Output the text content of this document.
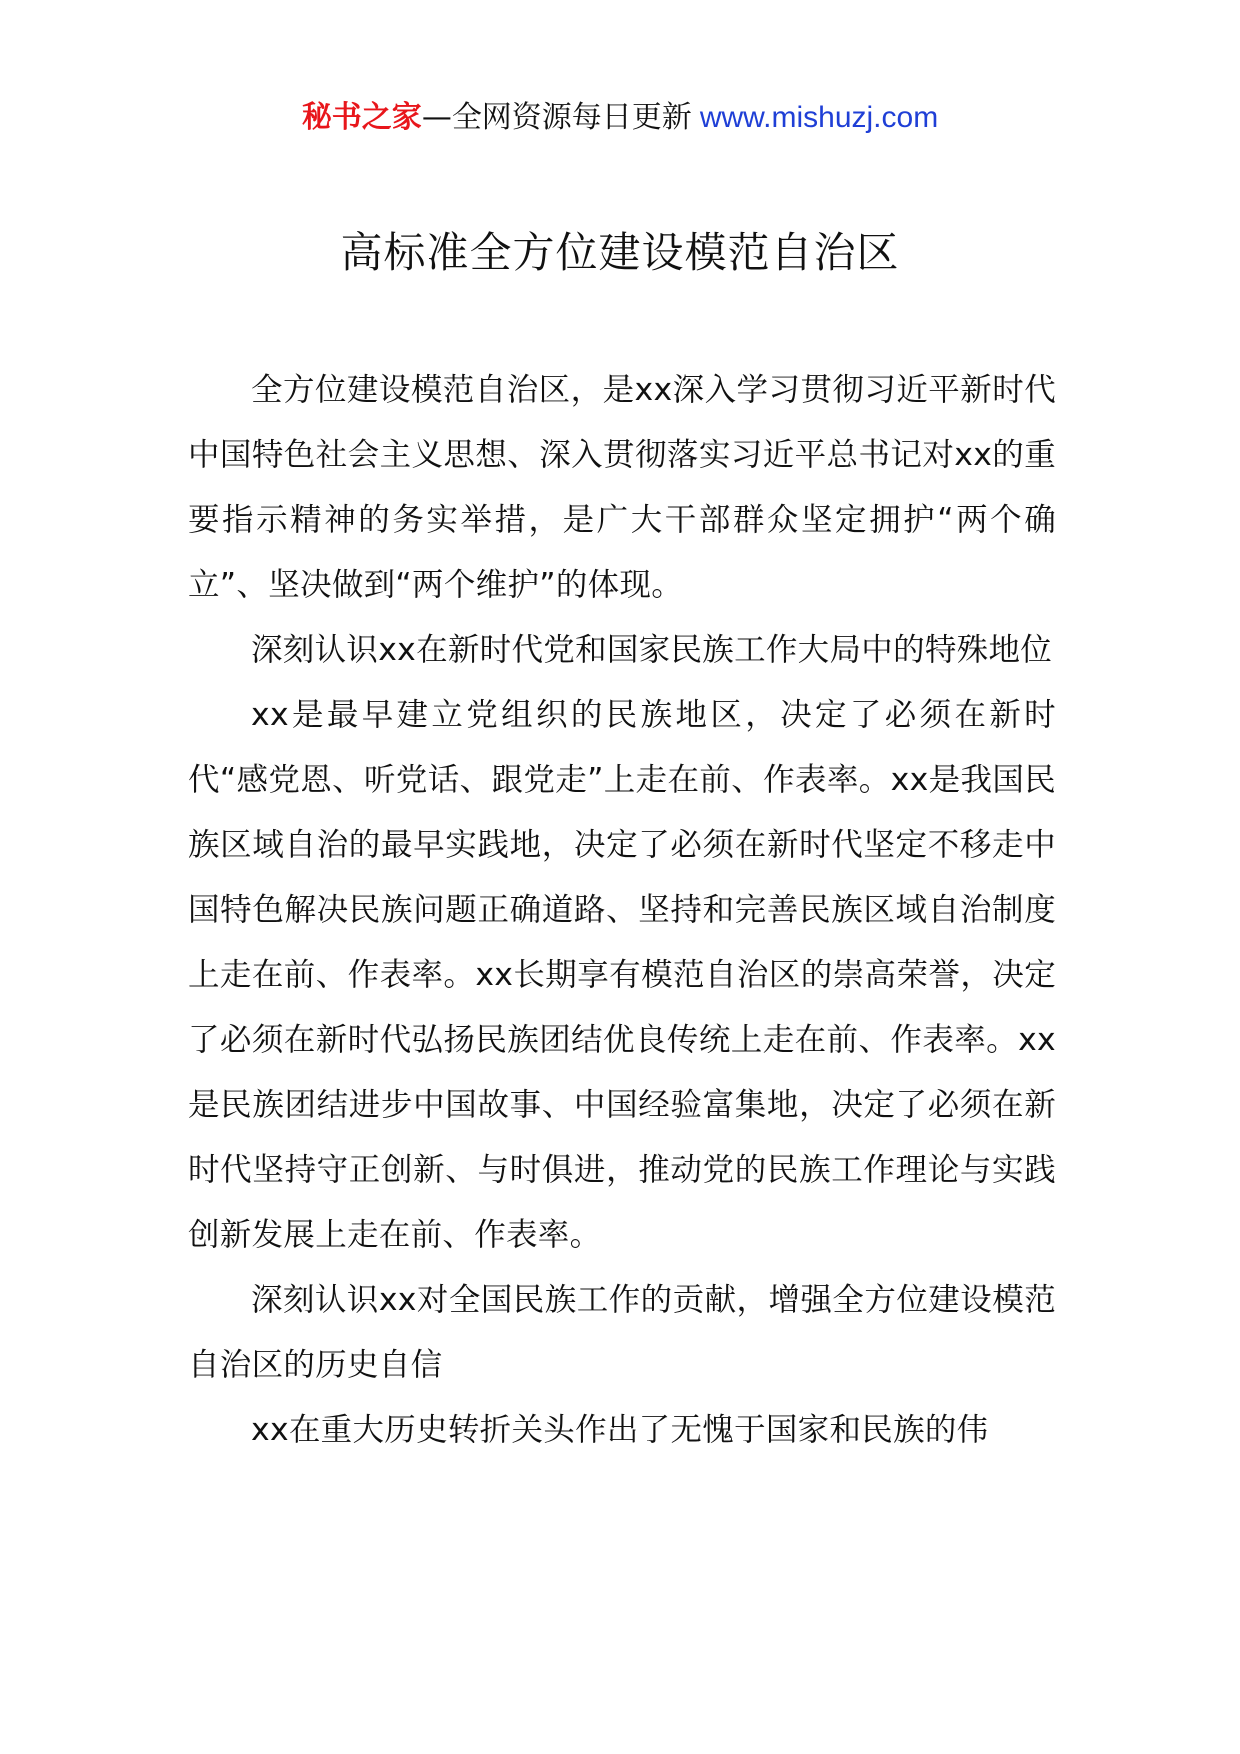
秘书之家—全网资源每日更新 www.mishuzj.com
高标准全方位建设模范自治区

全方位建设模范自治区，是xx深入学习贯彻习近平新时代中国特色社会主义思想、深入贯彻落实习近平总书记对xx的重要指示精神的务实举措，是广大干部群众坚定拥护“两个确立”、坚决做到“两个维护”的体现。

深刻认识xx在新时代党和国家民族工作大局中的特殊地位

xx是最早建立党组织的民族地区，决定了必须在新时代“感党恩、听党话、跟党走”上走在前、作表率。xx是我国民族区域自治的最早实践地，决定了必须在新时代坚定不移走中国特色解决民族问题正确道路、坚持和完善民族区域自治制度上走在前、作表率。xx长期享有模范自治区的崇高荣誉，决定了必须在新时代弘扬民族团结优良传统上走在前、作表率。xx是民族团结进步中国故事、中国经验富集地，决定了必须在新时代坚持守正创新、与时俱进，推动党的民族工作理论与实践创新发展上走在前、作表率。

深刻认识xx对全国民族工作的贡献，增强全方位建设模范自治区的历史自信

xx在重大历史转折关头作出了无愧于国家和民族的伟
